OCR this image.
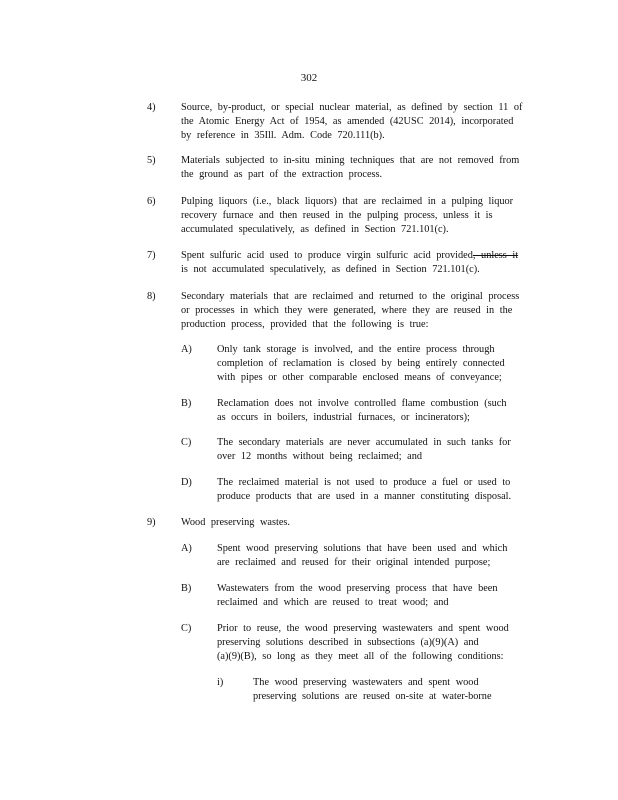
302
4) Source, by-product, or special nuclear material, as defined by section 11 of
the Atomic Energy Act of 1954, as amended (42USC 2014), incorporated
by reference in 35Ill. Adm. Code 720.111(b).
5) Materials subjected to in-situ mining techniques that are not removed from
the ground as part of the extraction process.
6) Pulping liquors (i.e., black liquors) that are reclaimed in a pulping liquor
recovery furnace and then reused in the pulping process, unless it is
accumulated speculatively, as defined in Section 721.101(c).
7) Spent sulfuric acid used to produce virgin sulfuric acid provided, unless it
is not accumulated speculatively, as defined in Section 721.101(c).
8) Secondary materials that are reclaimed and returned to the original process
or processes in which they were generated, where they are reused in the
production process, provided that the following is true:
A) Only tank storage is involved, and the entire process through
completion of reclamation is closed by being entirely connected
with pipes or other comparable enclosed means of conveyance;
B) Reclamation does not involve controlled flame combustion (such
as occurs in boilers, industrial furnaces, or incinerators);
C) The secondary materials are never accumulated in such tanks for
over 12 months without being reclaimed; and
D) The reclaimed material is not used to produce a fuel or used to
produce products that are used in a manner constituting disposal.
9) Wood preserving wastes.
A) Spent wood preserving solutions that have been used and which
are reclaimed and reused for their original intended purpose;
B) Wastewaters from the wood preserving process that have been
reclaimed and which are reused to treat wood; and
C) Prior to reuse, the wood preserving wastewaters and spent wood
preserving solutions described in subsections (a)(9)(A) and
(a)(9)(B), so long as they meet all of the following conditions:
i)	The wood preserving wastewaters and spent wood
preserving solutions are reused on-site at water-borne
